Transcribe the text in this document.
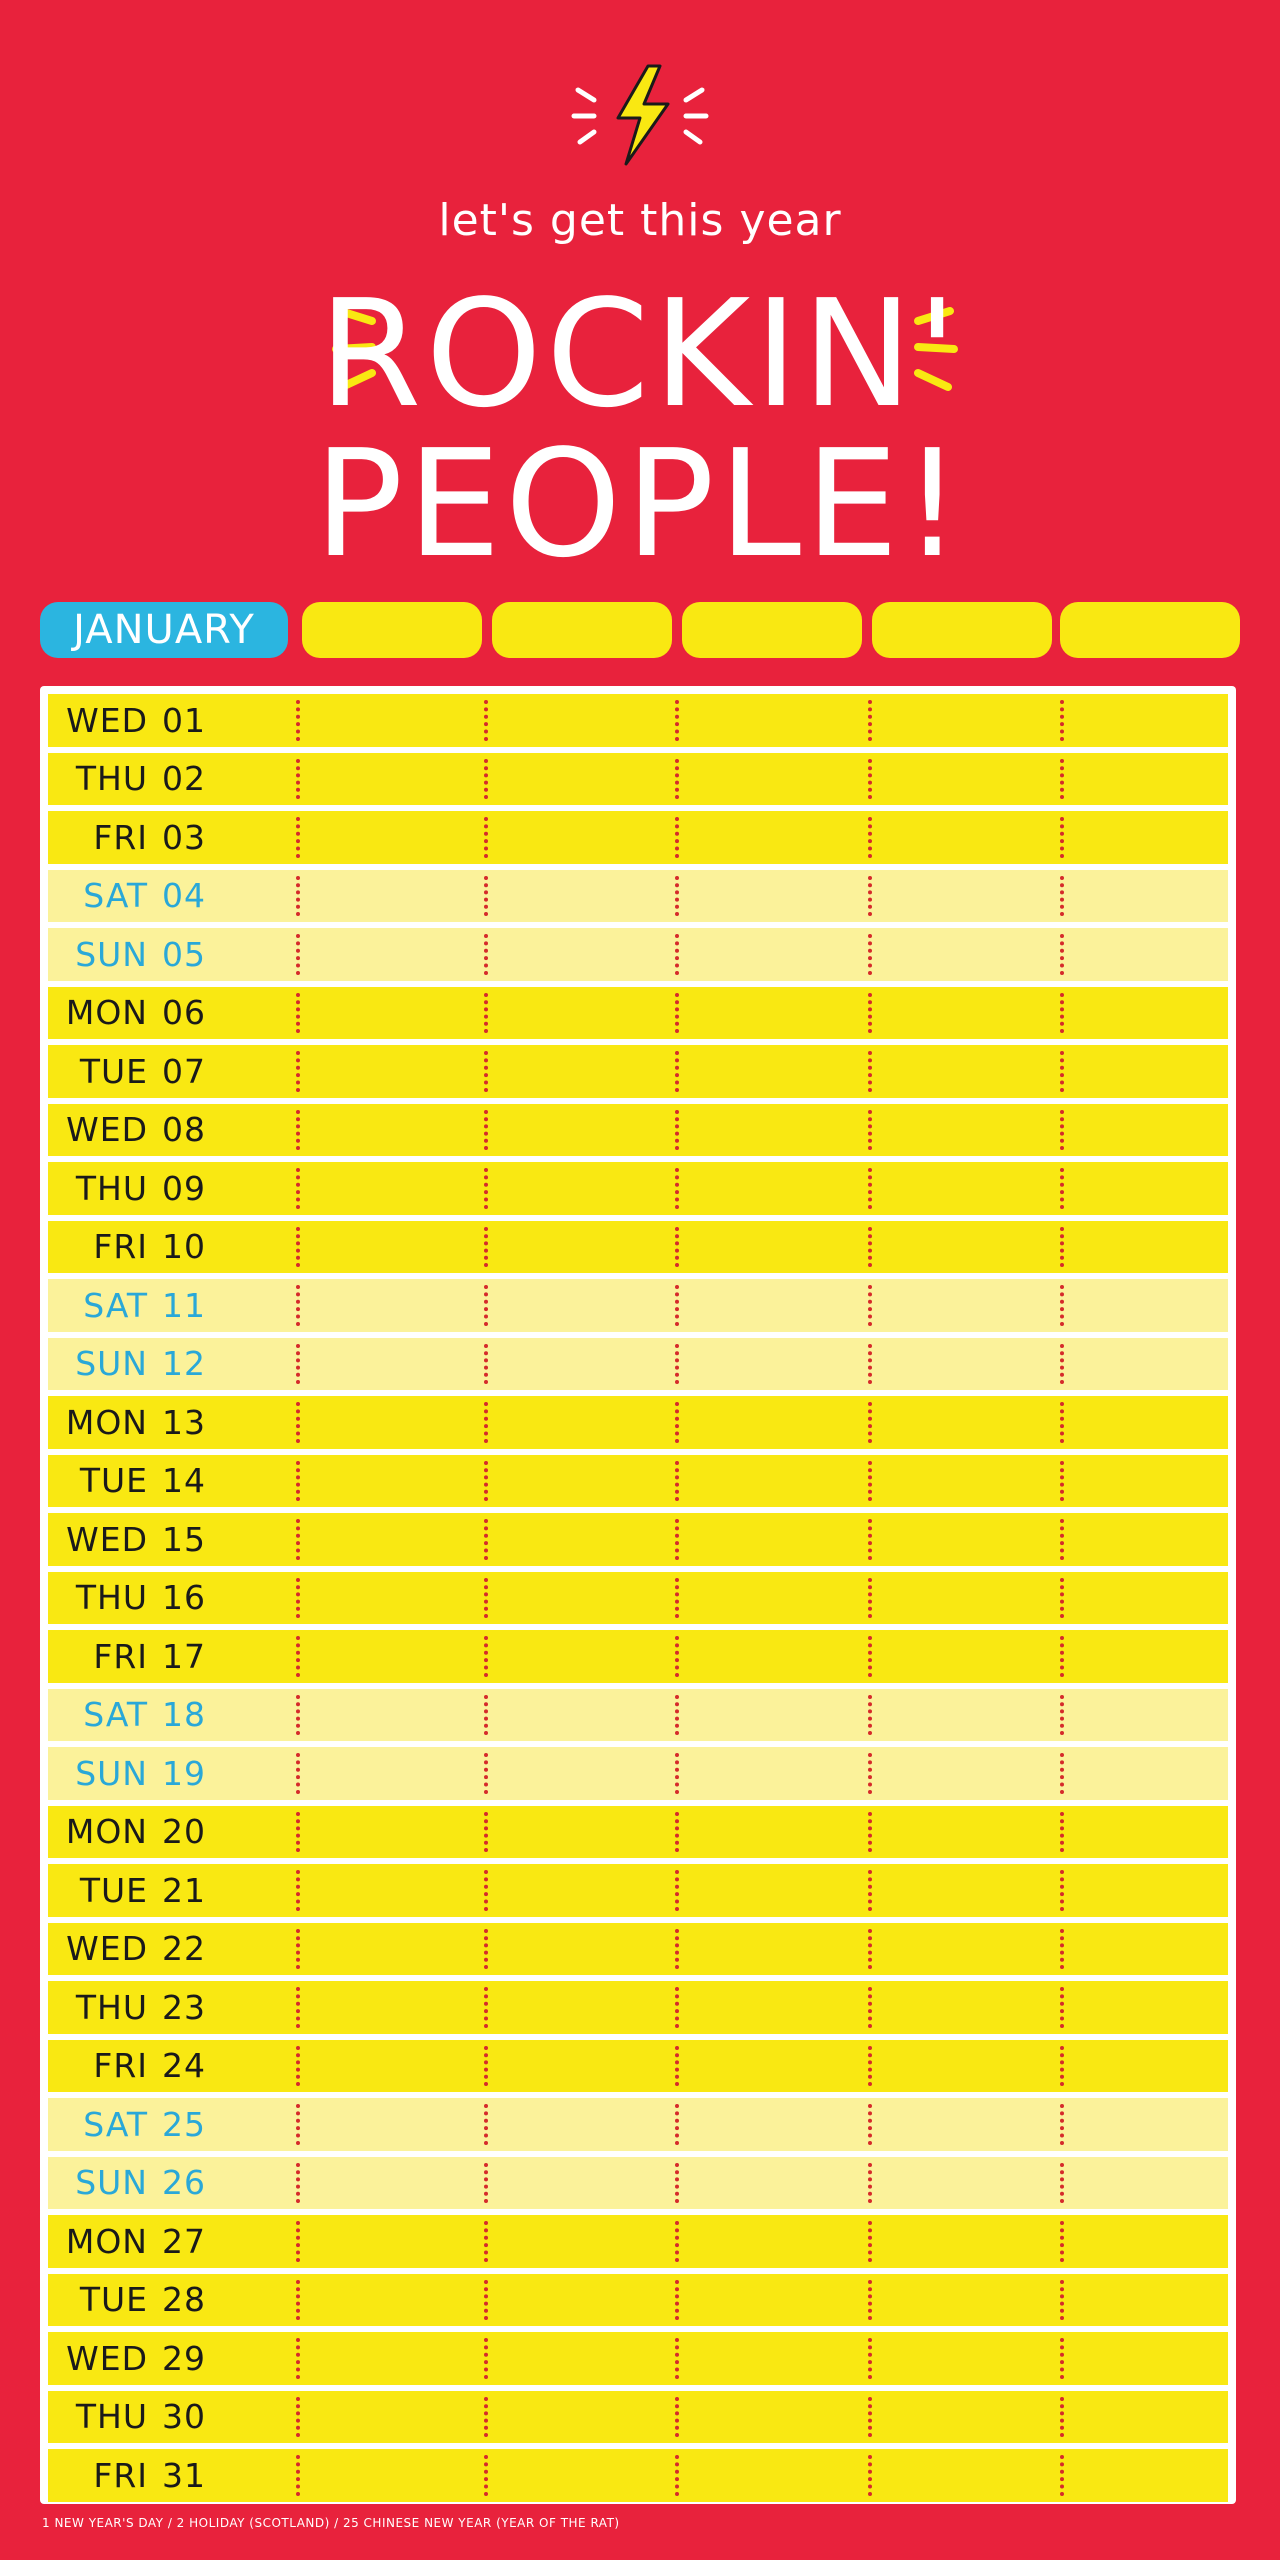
let's get this year
ROCKIN'
PEOPLE!
JANUARY
WED 01
THU 02
FRI 03
SAT 04
SUN 05
MON 06
TUE 07
WED 08
THU 09
FRI 10
SAT 11
SUN 12
MON 13
TUE 14
WED 15
THU 16
FRI 17
SAT 18
SUN 19
MON 20
TUE 21
WED 22
THU 23
FRI 24
SAT 25
SUN 26
MON 27
TUE 28
WED 29
THU 30
FRI 31
1 NEW YEAR'S DAY / 2 HOLIDAY (SCOTLAND) / 25 CHINESE NEW YEAR (YEAR OF THE RAT)
